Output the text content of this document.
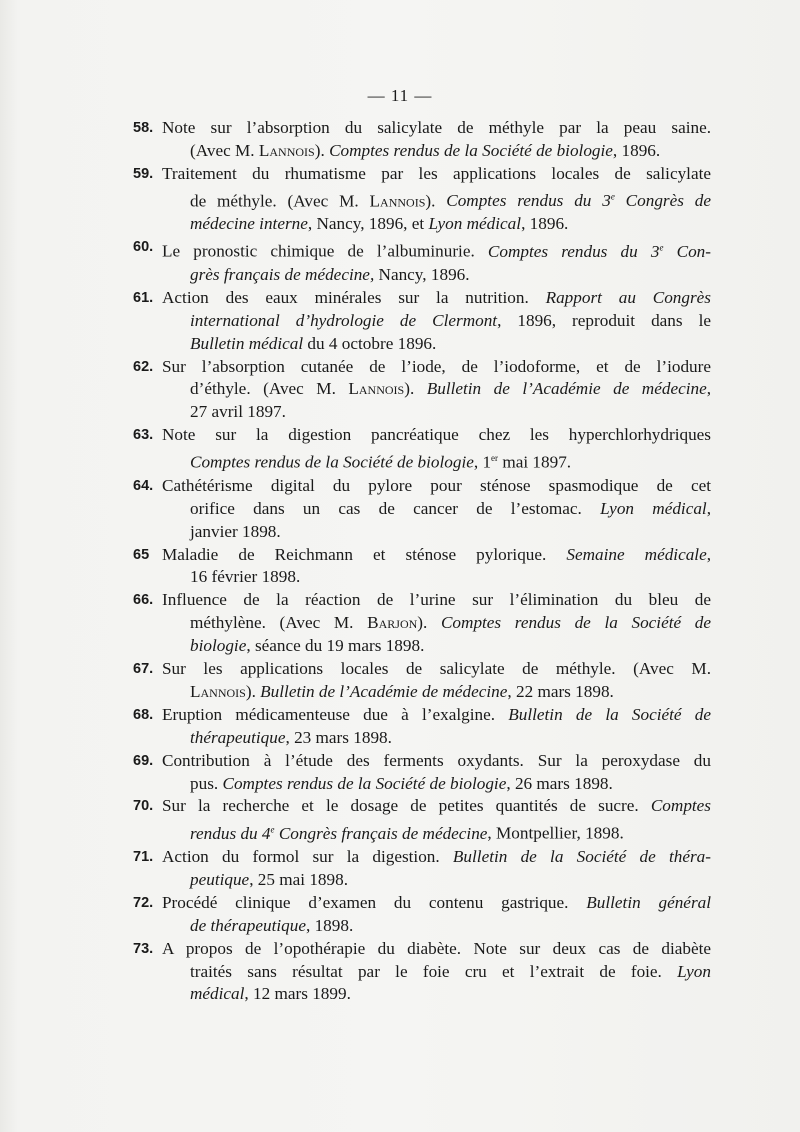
— 11 —
58. Note sur l’absorption du salicylate de méthyle par la peau saine.
(Avec M. Lannois). Comptes rendus de la Société de biologie, 1896.
59. Traitement du rhumatisme par les applications locales de salicylate
de méthyle. (Avec M. Lannois). Comptes rendus du 3e Congrès de
médecine interne, Nancy, 1896, et Lyon médical, 1896.
60. Le pronostic chimique de l’albuminurie. Comptes rendus du 3e Con-
grès français de médecine, Nancy, 1896.
61. Action des eaux minérales sur la nutrition. Rapport au Congrès
international d’hydrologie de Clermont, 1896, reproduit dans le
Bulletin médical du 4 octobre 1896.
62. Sur l’absorption cutanée de l’iode, de l’iodoforme, et de l’iodure
d’éthyle. (Avec M. Lannois). Bulletin de l’Académie de médecine,
27 avril 1897.
63. Note sur la digestion pancréatique chez les hyperchlorhydriques
Comptes rendus de la Société de biologie, 1er mai 1897.
64. Cathétérisme digital du pylore pour sténose spasmodique de cet
orifice dans un cas de cancer de l’estomac. Lyon médical,
janvier 1898.
65 Maladie de Reichmann et sténose pylorique. Semaine médicale,
16 février 1898.
66. Influence de la réaction de l’urine sur l’élimination du bleu de
méthylène. (Avec M. Barjon). Comptes rendus de la Société de
biologie, séance du 19 mars 1898.
67. Sur les applications locales de salicylate de méthyle. (Avec M.
Lannois). Bulletin de l’Académie de médecine, 22 mars 1898.
68. Eruption médicamenteuse due à l’exalgine. Bulletin de la Société de
thérapeutique, 23 mars 1898.
69. Contribution à l’étude des ferments oxydants. Sur la peroxydase du
pus. Comptes rendus de la Société de biologie, 26 mars 1898.
70. Sur la recherche et le dosage de petites quantités de sucre. Comptes
rendus du 4e Congrès français de médecine, Montpellier, 1898.
71. Action du formol sur la digestion. Bulletin de la Société de théra-
peutique, 25 mai 1898.
72. Procédé clinique d’examen du contenu gastrique. Bulletin général
de thérapeutique, 1898.
73. A propos de l’opothérapie du diabète. Note sur deux cas de diabète
traités sans résultat par le foie cru et l’extrait de foie. Lyon
médical, 12 mars 1899.
